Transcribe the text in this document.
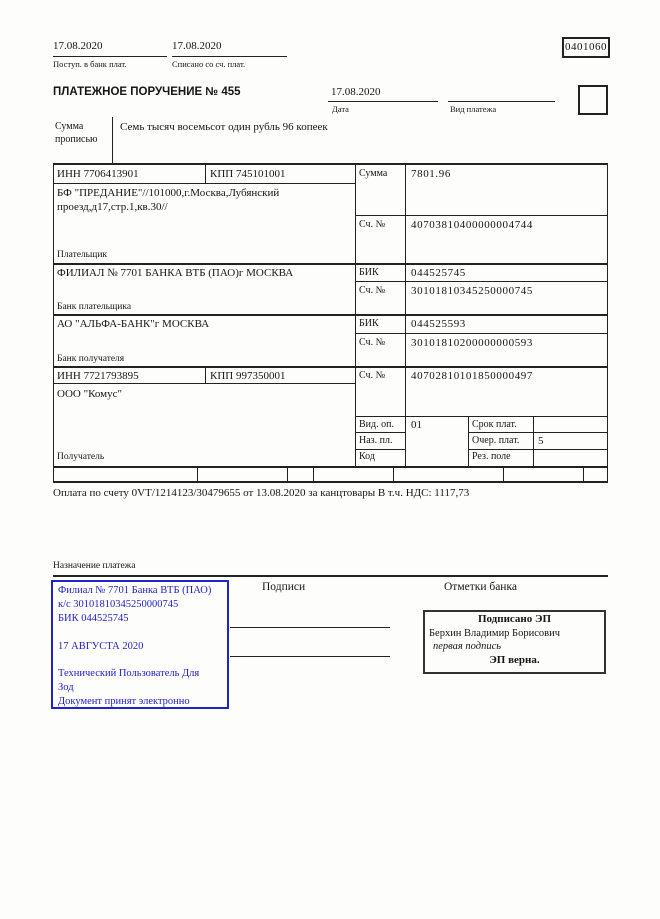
17.08.2020
Поступ. в банк плат.
17.08.2020
Списано со сч. плат.
0401060
ПЛАТЕЖНОЕ ПОРУЧЕНИЕ № 455	17.08.2020
Дата	Вид платежа
Сумма
прописью
Семь тысяч восемьсот один рубль 96 копеек
ИНН 7706413901	КПП 745101001	Сумма 7801.96
БФ "ПРЕДАНИЕ"//101000,г.Москва,Лубянский проезд,д17,стр.1,кв.30//
Сч. № 40703810400000004744
Плательщик
ФИЛИАЛ № 7701 БАНКА ВТБ (ПАО)г МОСКВА	БИК	044525745
Сч. № 30101810345250000745
Банк плательщика
АО "АЛЬФА-БАНК"г МОСКВА	БИК	044525593
Сч. № 30101810200000000593
Банк получателя
ИНН 7721793895	КПП 997350001	Сч. № 40702810101850000497
ООО "Комус"
Получатель
Вид. оп. 01	Срок плат.
Наз. пл.	Очер. плат. 5
Код	Рез. поле
Оплата по счету 0VT/1214123/30479655 от 13.08.2020 за канцтовары В т.ч. НДС: 1117,73
Назначение платежа
Филиал № 7701 Банка ВТБ (ПАО)
к/с 30101810345250000745
БИК 044525745

17 АВГУСТА 2020

Технический Пользователь Для
Зод
Документ принят электронно
Подписи	Отметки банка
Подписано ЭП
Берхин Владимир Борисович
первая подпись
ЭП верна.
